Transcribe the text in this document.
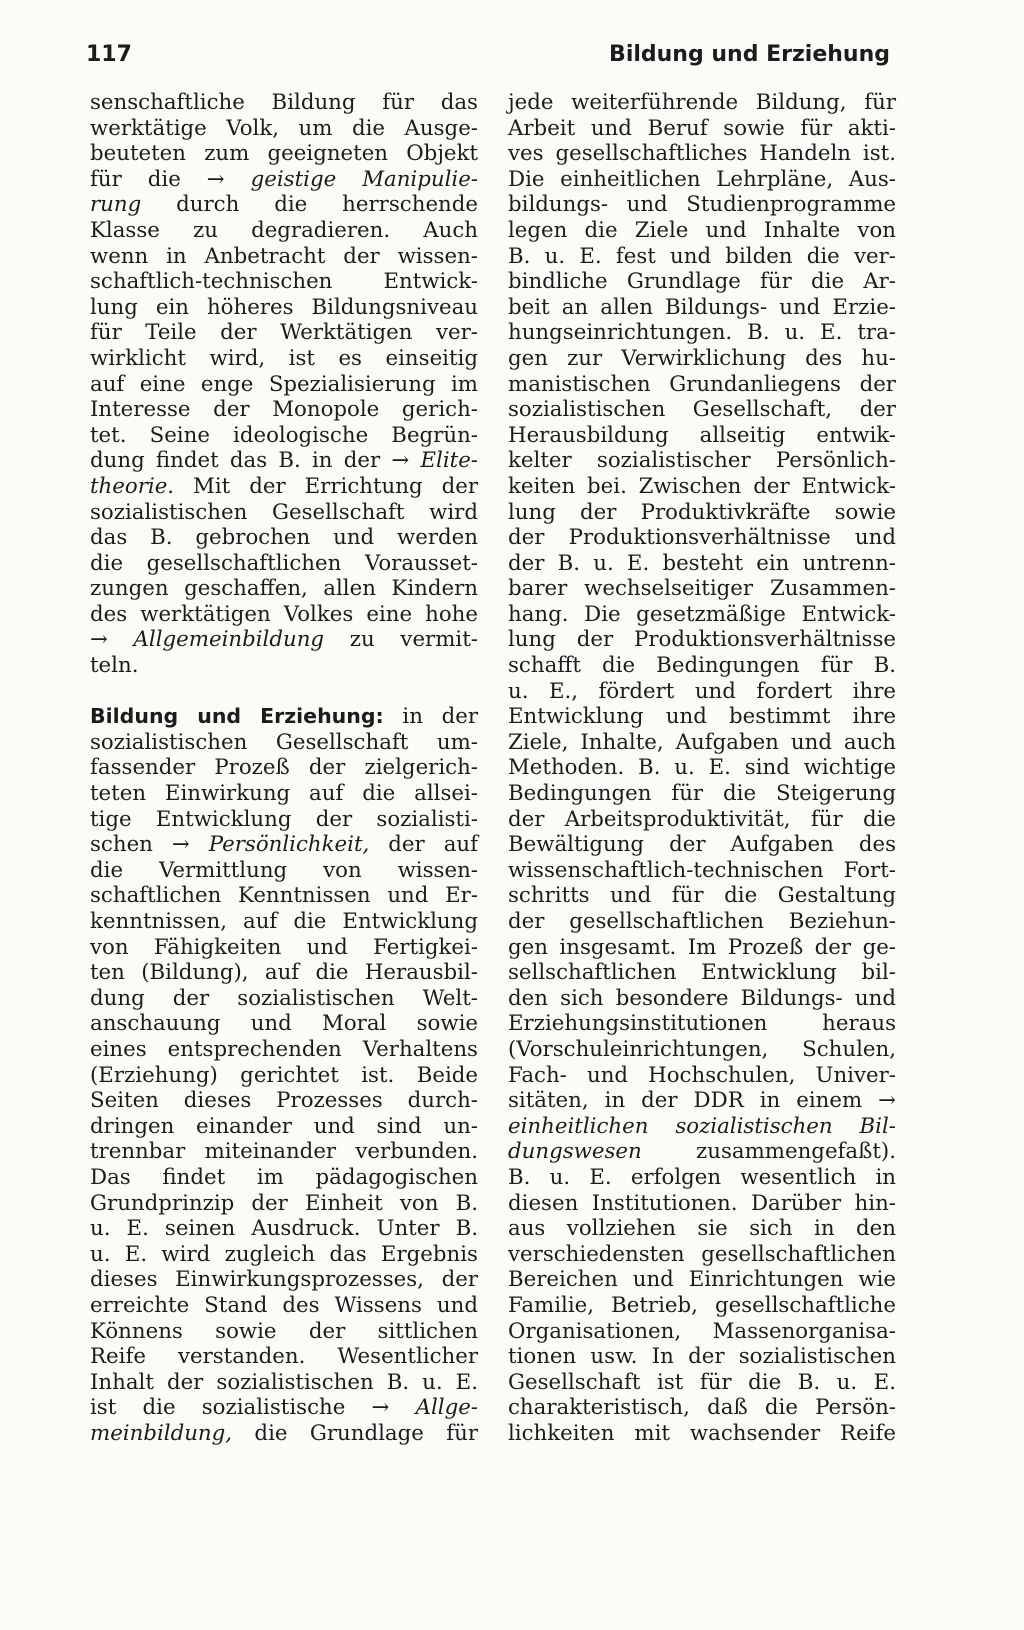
117	Bildung und Erziehung

senschaftliche Bildung für das
werktätige Volk, um die Ausge-
beuteten zum geeigneten Objekt
für die → geistige Manipulie-
rung durch die herrschende
Klasse zu degradieren. Auch
wenn in Anbetracht der wissen-
schaftlich-technischen Entwick-
lung ein höheres Bildungsniveau
für Teile der Werktätigen ver-
wirklicht wird, ist es einseitig
auf eine enge Spezialisierung im
Interesse der Monopole gerich-
tet. Seine ideologische Begrün-
dung findet das B. in der → Elite-
theorie. Mit der Errichtung der
sozialistischen Gesellschaft wird
das B. gebrochen und werden
die gesellschaftlichen Vorausset-
zungen geschaffen, allen Kindern
des werktätigen Volkes eine hohe
→ Allgemeinbildung zu vermit-
teln.

Bildung und Erziehung: in der
sozialistischen Gesellschaft um-
fassender Prozeß der zielgerich-
teten Einwirkung auf die allsei-
tige Entwicklung der sozialisti-
schen → Persönlichkeit, der auf
die Vermittlung von wissen-
schaftlichen Kenntnissen und Er-
kenntnissen, auf die Entwicklung
von Fähigkeiten und Fertigkei-
ten (Bildung), auf die Herausbil-
dung der sozialistischen Welt-
anschauung und Moral sowie
eines entsprechenden Verhaltens
(Erziehung) gerichtet ist. Beide
Seiten dieses Prozesses durch-
dringen einander und sind un-
trennbar miteinander verbunden.
Das findet im pädagogischen
Grundprinzip der Einheit von B.
u. E. seinen Ausdruck. Unter B.
u. E. wird zugleich das Ergebnis
dieses Einwirkungsprozesses, der
erreichte Stand des Wissens und
Könnens sowie der sittlichen
Reife verstanden. Wesentlicher
Inhalt der sozialistischen B. u. E.
ist die sozialistische → Allge-
meinbildung, die Grundlage für

jede weiterführende Bildung, für
Arbeit und Beruf sowie für akti-
ves gesellschaftliches Handeln ist.
Die einheitlichen Lehrpläne, Aus-
bildungs- und Studienprogramme
legen die Ziele und Inhalte von
B. u. E. fest und bilden die ver-
bindliche Grundlage für die Ar-
beit an allen Bildungs- und Erzie-
hungseinrichtungen. B. u. E. tra-
gen zur Verwirklichung des hu-
manistischen Grundanliegens der
sozialistischen Gesellschaft, der
Herausbildung allseitig entwik-
kelter sozialistischer Persönlich-
keiten bei. Zwischen der Entwick-
lung der Produktivkräfte sowie
der Produktionsverhältnisse und
der B. u. E. besteht ein untrenn-
barer wechselseitiger Zusammen-
hang. Die gesetzmäßige Entwick-
lung der Produktionsverhältnisse
schafft die Bedingungen für B.
u. E., fördert und fordert ihre
Entwicklung und bestimmt ihre
Ziele, Inhalte, Aufgaben und auch
Methoden. B. u. E. sind wichtige
Bedingungen für die Steigerung
der Arbeitsproduktivität, für die
Bewältigung der Aufgaben des
wissenschaftlich-technischen Fort-
schritts und für die Gestaltung
der gesellschaftlichen Beziehun-
gen insgesamt. Im Prozeß der ge-
sellschaftlichen Entwicklung bil-
den sich besondere Bildungs- und
Erziehungsinstitutionen heraus
(Vorschuleinrichtungen, Schulen,
Fach- und Hochschulen, Univer-
sitäten, in der DDR in einem →
einheitlichen sozialistischen Bil-
dungswesen zusammengefaßt).
B. u. E. erfolgen wesentlich in
diesen Institutionen. Darüber hin-
aus vollziehen sie sich in den
verschiedensten gesellschaftlichen
Bereichen und Einrichtungen wie
Familie, Betrieb, gesellschaftliche
Organisationen, Massenorganisa-
tionen usw. In der sozialistischen
Gesellschaft ist für die B. u. E.
charakteristisch, daß die Persön-
lichkeiten mit wachsender Reife
